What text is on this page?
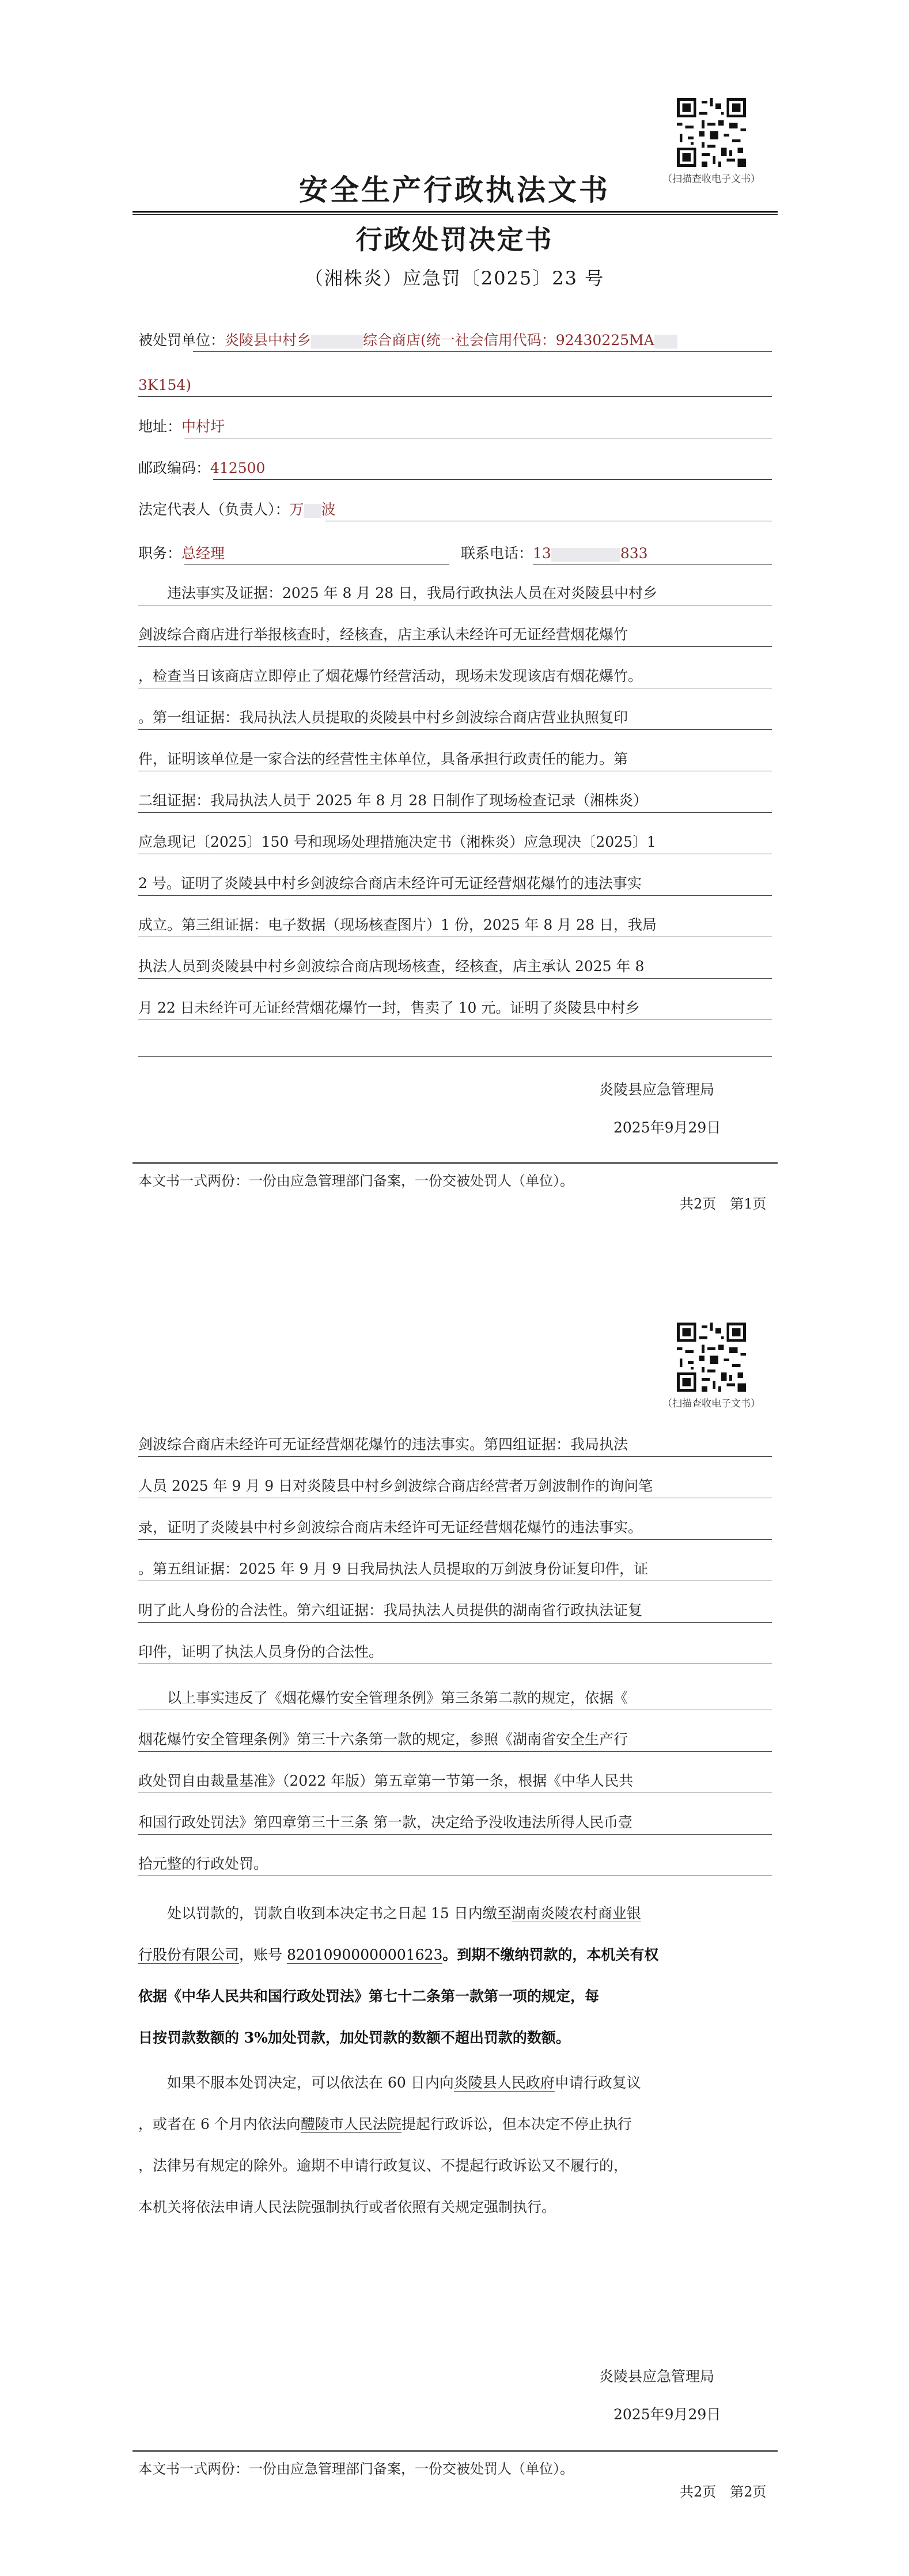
（扫描查收电子文书）
安全生产行政执法文书
行政处罚决定书
（湘株炎）应急罚〔2025〕23 号
被处罚单位：炎陵县中村乡	综合商店(统一社会信用代码：92430225MA
3K154)
地址：中村圩
邮政编码：412500
法定代表人（负责人）：万 波
职务：总经理	联系电话：13	833
违法事实及证据：2025 年 8 月 28 日，我局行政执法人员在对炎陵县中村乡
剑波综合商店进行举报核查时，经核查，店主承认未经许可无证经营烟花爆竹
，检查当日该商店立即停止了烟花爆竹经营活动，现场未发现该店有烟花爆竹。
。第一组证据：我局执法人员提取的炎陵县中村乡剑波综合商店营业执照复印
件，证明该单位是一家合法的经营性主体单位，具备承担行政责任的能力。第
二组证据：我局执法人员于 2025 年 8 月 28 日制作了现场检查记录（湘株炎）
应急现记〔2025〕150 号和现场处理措施决定书（湘株炎）应急现决〔2025〕1
2 号。证明了炎陵县中村乡剑波综合商店未经许可无证经营烟花爆竹的违法事实
成立。第三组证据：电子数据（现场核查图片）1 份，2025 年 8 月 28 日，我局
执法人员到炎陵县中村乡剑波综合商店现场核查，经核查，店主承认 2025 年 8
月 22 日未经许可无证经营烟花爆竹一封，售卖了 10 元。证明了炎陵县中村乡
炎陵县应急管理局
2025年9月29日
本文书一式两份：一份由应急管理部门备案，一份交被处罚人（单位）。
共2页　第1页
（扫描查收电子文书）
剑波综合商店未经许可无证经营烟花爆竹的违法事实。第四组证据：我局执法
人员 2025 年 9 月 9 日对炎陵县中村乡剑波综合商店经营者万剑波制作的询问笔
录，证明了炎陵县中村乡剑波综合商店未经许可无证经营烟花爆竹的违法事实。
。第五组证据：2025 年 9 月 9 日我局执法人员提取的万剑波身份证复印件，证
明了此人身份的合法性。第六组证据：我局执法人员提供的湖南省行政执法证复
印件，证明了执法人员身份的合法性。
以上事实违反了《烟花爆竹安全管理条例》第三条第二款的规定，依据《
烟花爆竹安全管理条例》第三十六条第一款的规定，参照《湖南省安全生产行
政处罚自由裁量基准》（2022 年版）第五章第一节第一条，根据《中华人民共
和国行政处罚法》第四章第三十三条 第一款，决定给予没收违法所得人民币壹
拾元整的行政处罚。
处以罚款的，罚款自收到本决定书之日起 15 日内缴至湖南炎陵农村商业银
行股份有限公司，账号 82010900000001623。到期不缴纳罚款的，本机关有权
依据《中华人民共和国行政处罚法》第七十二条第一款第一项的规定，每
日按罚款数额的 3%加处罚款，加处罚款的数额不超出罚款的数额。
如果不服本处罚决定，可以依法在 60 日内向炎陵县人民政府申请行政复议
，或者在 6 个月内依法向醴陵市人民法院提起行政诉讼，但本决定不停止执行
，法律另有规定的除外。逾期不申请行政复议、不提起行政诉讼又不履行的，
本机关将依法申请人民法院强制执行或者依照有关规定强制执行。
炎陵县应急管理局
2025年9月29日
本文书一式两份：一份由应急管理部门备案，一份交被处罚人（单位）。
共2页　第2页
